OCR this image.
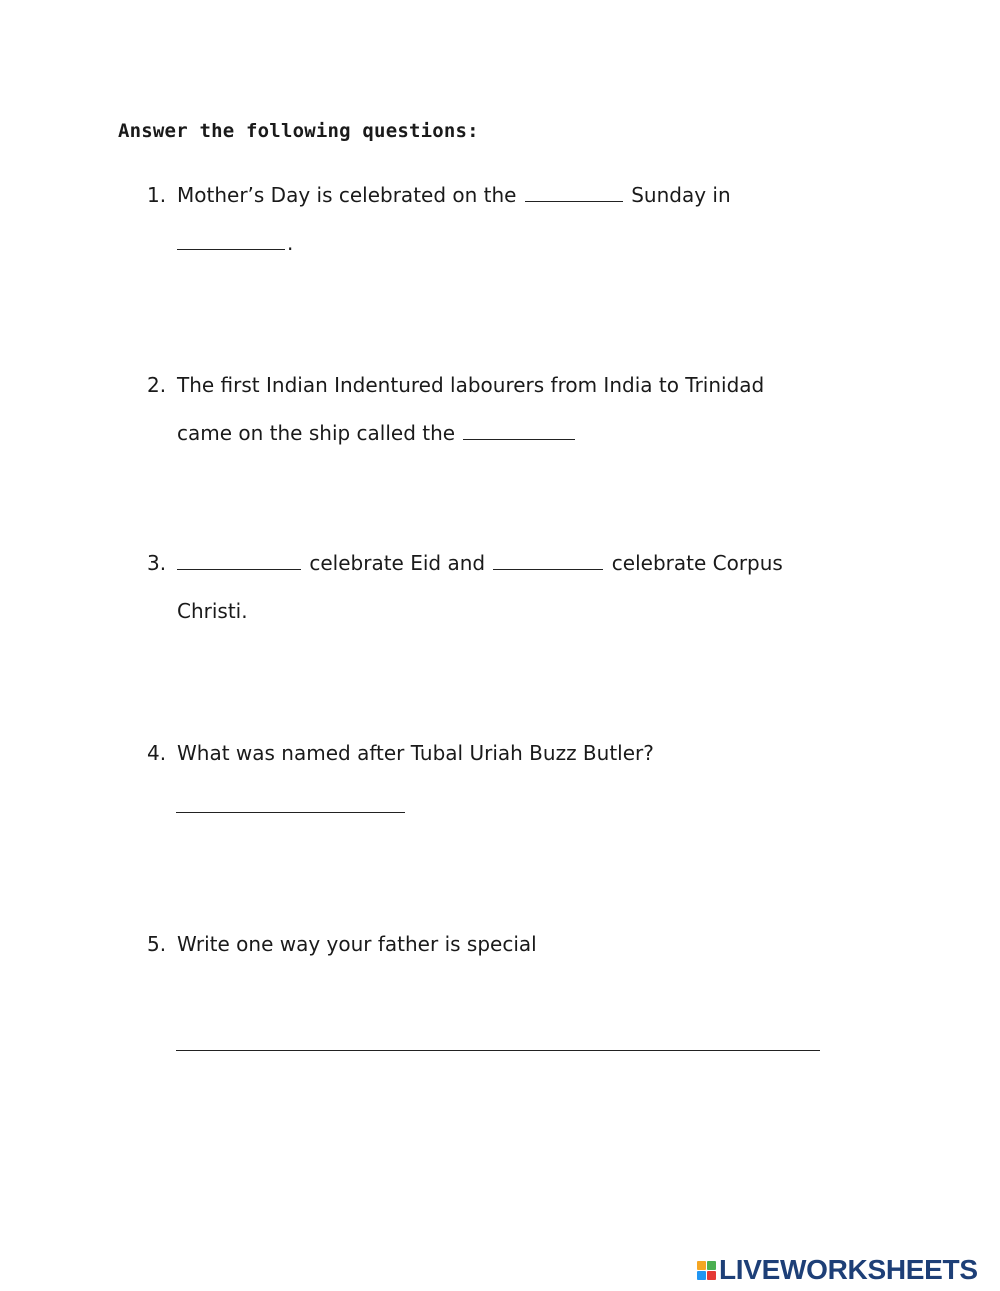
Answer the following questions:
1. Mother’s Day is celebrated on the	Sunday in
.
2. The first Indian Indentured labourers from India to Trinidad
came on the ship called the
3.	celebrate Eid and	celebrate Corpus
Christi.
4. What was named after Tubal Uriah Buzz Butler?
5. Write one way your father is special
LIVEWORKSHEETS
